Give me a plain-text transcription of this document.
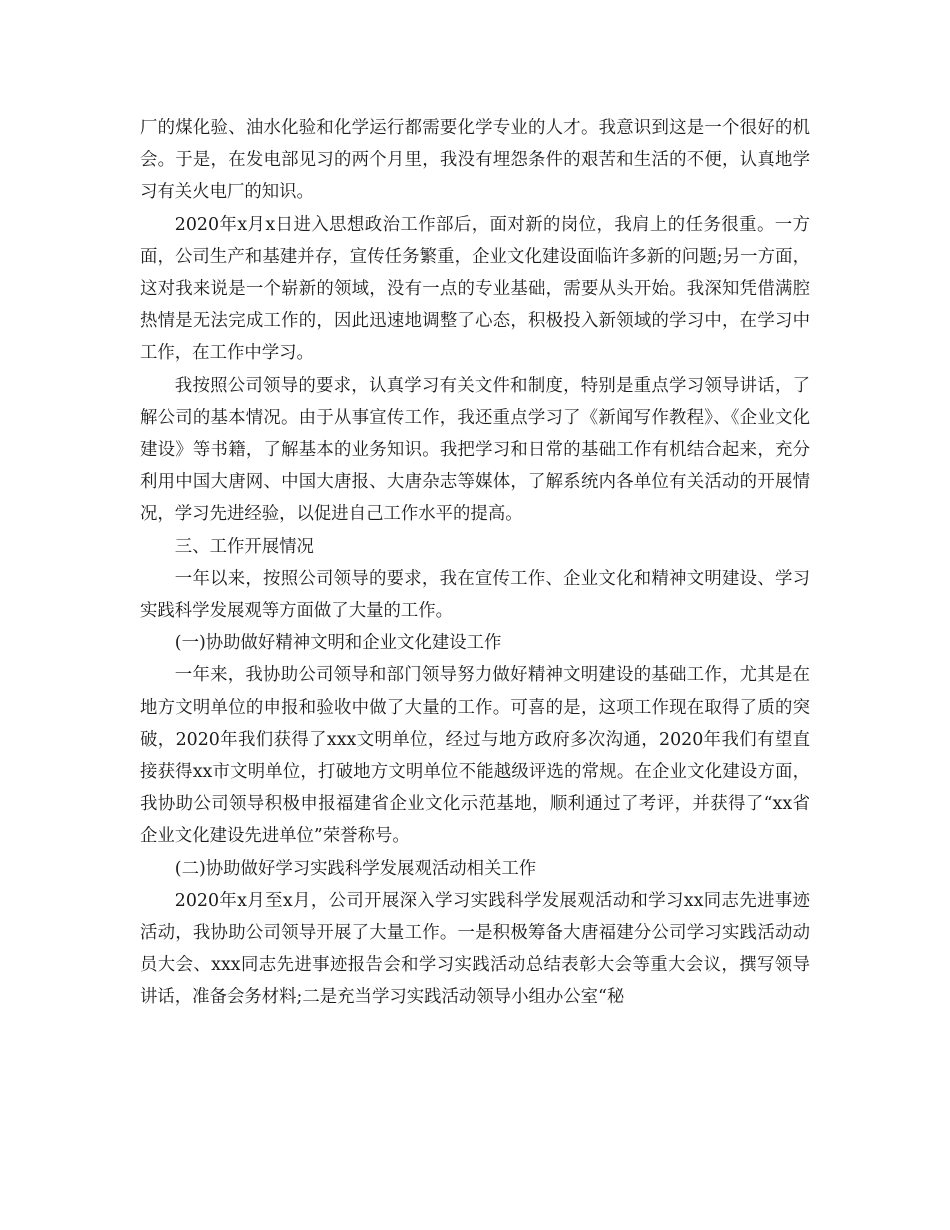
厂的煤化验、油水化验和化学运行都需要化学专业的人才。我意识到这是一个很好的机会。于是，在发电部见习的两个月里，我没有埋怨条件的艰苦和生活的不便，认真地学习有关火电厂的知识。

2020年x月x日进入思想政治工作部后，面对新的岗位，我肩上的任务很重。一方面，公司生产和基建并存，宣传任务繁重，企业文化建设面临许多新的问题;另一方面，这对我来说是一个崭新的领域，没有一点的专业基础，需要从头开始。我深知凭借满腔热情是无法完成工作的，因此迅速地调整了心态，积极投入新领域的学习中，在学习中工作，在工作中学习。

我按照公司领导的要求，认真学习有关文件和制度，特别是重点学习领导讲话，了解公司的基本情况。由于从事宣传工作，我还重点学习了《新闻写作教程》、《企业文化建设》等书籍，了解基本的业务知识。我把学习和日常的基础工作有机结合起来，充分利用中国大唐网、中国大唐报、大唐杂志等媒体，了解系统内各单位有关活动的开展情况，学习先进经验，以促进自己工作水平的提高。

三、工作开展情况

一年以来，按照公司领导的要求，我在宣传工作、企业文化和精神文明建设、学习实践科学发展观等方面做了大量的工作。

(一)协助做好精神文明和企业文化建设工作

一年来，我协助公司领导和部门领导努力做好精神文明建设的基础工作，尤其是在地方文明单位的申报和验收中做了大量的工作。可喜的是，这项工作现在取得了质的突破，2020年我们获得了xxx文明单位，经过与地方政府多次沟通，2020年我们有望直接获得xx市文明单位，打破地方文明单位不能越级评选的常规。在企业文化建设方面，我协助公司领导积极申报福建省企业文化示范基地，顺利通过了考评，并获得了“xx省企业文化建设先进单位”荣誉称号。

(二)协助做好学习实践科学发展观活动相关工作

2020年x月至x月，公司开展深入学习实践科学发展观活动和学习xx同志先进事迹活动，我协助公司领导开展了大量工作。一是积极筹备大唐福建分公司学习实践活动动员大会、xxx同志先进事迹报告会和学习实践活动总结表彰大会等重大会议，撰写领导讲话，准备会务材料;二是充当学习实践活动领导小组办公室“秘
